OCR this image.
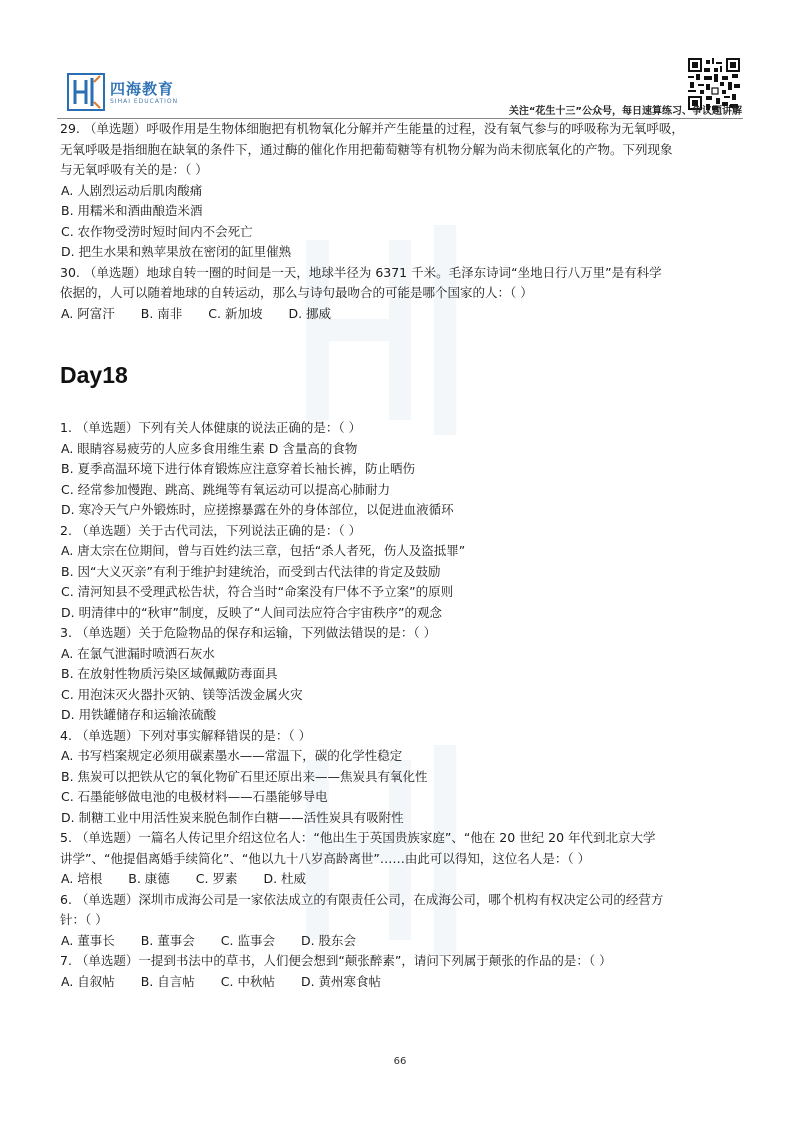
四海教育
SIHAI EDUCATION
关注“花生十三”公众号，每日速算练习、争议题讲解
29. （单选题）呼吸作用是生物体细胞把有机物氧化分解并产生能量的过程，没有氧气参与的呼吸称为无氧呼吸，
无氧呼吸是指细胞在缺氧的条件下，通过酶的催化作用把葡萄糖等有机物分解为尚未彻底氧化的产物。下列现象
与无氧呼吸有关的是：（ ）
A. 人剧烈运动后肌肉酸痛
B. 用糯米和酒曲酿造米酒
C. 农作物受涝时短时间内不会死亡
D. 把生水果和熟苹果放在密闭的缸里催熟
30. （单选题）地球自转一圈的时间是一天，地球半径为 6371 千米。毛泽东诗词“坐地日行八万里”是有科学
依据的，人可以随着地球的自转运动，那么与诗句最吻合的可能是哪个国家的人：（ ）
A. 阿富汗 B. 南非 C. 新加坡 D. 挪威
Day18
1. （单选题）下列有关人体健康的说法正确的是：（ ）
A. 眼睛容易疲劳的人应多食用维生素 D 含量高的食物
B. 夏季高温环境下进行体育锻炼应注意穿着长袖长裤，防止晒伤
C. 经常参加慢跑、跳高、跳绳等有氧运动可以提高心肺耐力
D. 寒冷天气户外锻炼时，应搓擦暴露在外的身体部位，以促进血液循环
2. （单选题）关于古代司法，下列说法正确的是：（ ）
A. 唐太宗在位期间，曾与百姓约法三章，包括“杀人者死，伤人及盗抵罪”
B. 因“大义灭亲”有利于维护封建统治，而受到古代法律的肯定及鼓励
C. 清河知县不受理武松告状，符合当时“命案没有尸体不予立案”的原则
D. 明清律中的“秋审”制度，反映了“人间司法应符合宇宙秩序”的观念
3. （单选题）关于危险物品的保存和运输，下列做法错误的是：（ ）
A. 在氯气泄漏时喷洒石灰水
B. 在放射性物质污染区域佩戴防毒面具
C. 用泡沫灭火器扑灭钠、镁等活泼金属火灾
D. 用铁罐储存和运输浓硫酸
4. （单选题）下列对事实解释错误的是：（ ）
A. 书写档案规定必须用碳素墨水——常温下，碳的化学性稳定
B. 焦炭可以把铁从它的氧化物矿石里还原出来——焦炭具有氧化性
C. 石墨能够做电池的电极材料——石墨能够导电
D. 制糖工业中用活性炭来脱色制作白糖——活性炭具有吸附性
5. （单选题）一篇名人传记里介绍这位名人：“他出生于英国贵族家庭”、“他在 20 世纪 20 年代到北京大学
讲学”、“他提倡离婚手续简化”、“他以九十八岁高龄离世”……由此可以得知，这位名人是：（ ）
A. 培根 B. 康德 C. 罗素 D. 杜威
6. （单选题）深圳市成海公司是一家依法成立的有限责任公司，在成海公司，哪个机构有权决定公司的经营方
针：（ ）
A. 董事长 B. 董事会 C. 监事会 D. 股东会
7. （单选题）一提到书法中的草书，人们便会想到“颠张醉素”，请问下列属于颠张的作品的是：（ ）
A. 自叙帖 B. 自言帖 C. 中秋帖 D. 黄州寒食帖
66
